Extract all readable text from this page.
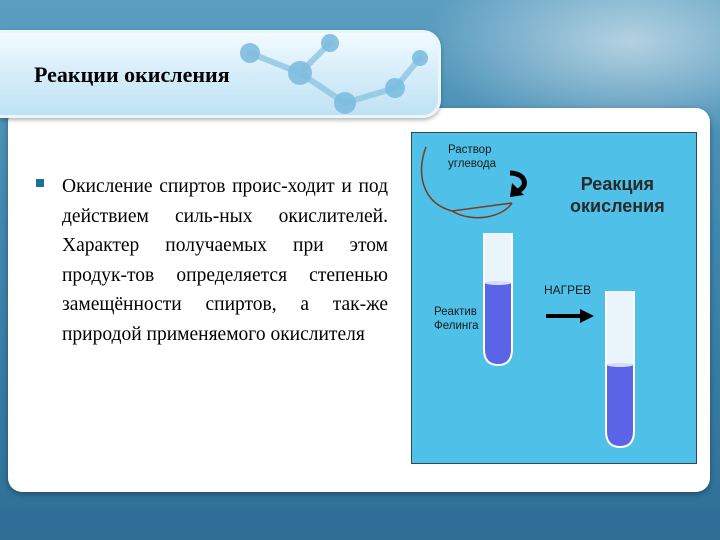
Реакции окисления
Окисление спиртов проис-ходит и под действием силь-ных окислителей. Характер получаемых при этом продук-тов определяется степенью замещённости спиртов, а так-же природой применяемого окислителя
Раствор
углевода
Реакция
окисления
НАГРЕВ
Реактив
Фелинга
